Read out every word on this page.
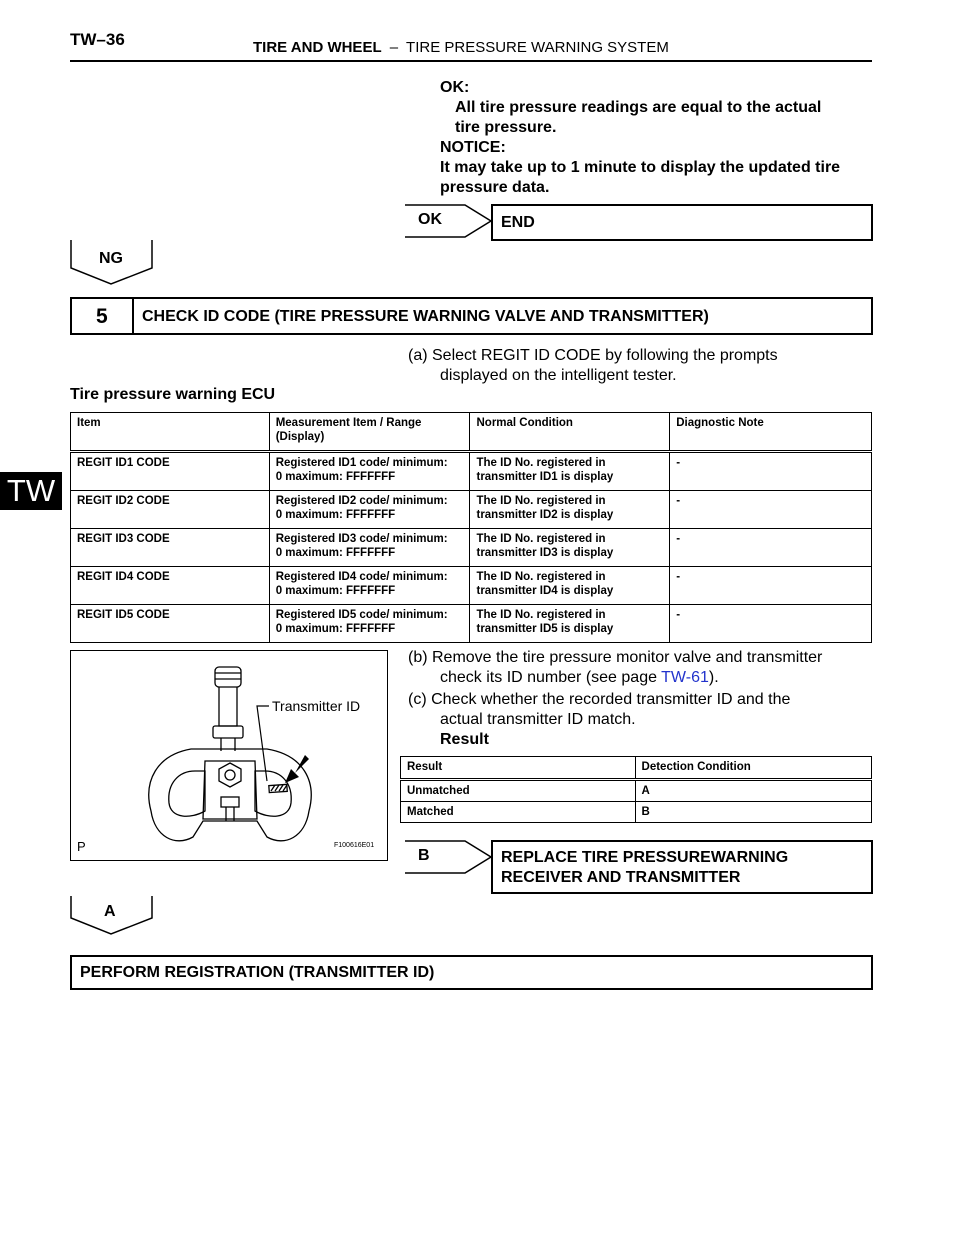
TW–36	TIRE AND WHEEL – TIRE PRESSURE WARNING SYSTEM
TW
OK:
All tire pressure readings are equal to the actual
tire pressure.
NOTICE:
It may take up to 1 minute to display the updated tire
pressure data.
OK	END
NG
5 CHECK ID CODE (TIRE PRESSURE WARNING VALVE AND TRANSMITTER)
(a) Select REGIT ID CODE by following the prompts
displayed on the intelligent tester.
Tire pressure warning ECU
Item	Measurement Item / Range
(Display)	Normal Condition	Diagnostic Note
REGIT ID1 CODE	Registered ID1 code/ minimum:
0 maximum: FFFFFFF	The ID No. registered in
transmitter ID1 is display	-
REGIT ID2 CODE	Registered ID2 code/ minimum:
0 maximum: FFFFFFF	The ID No. registered in
transmitter ID2 is display	-
REGIT ID3 CODE	Registered ID3 code/ minimum:
0 maximum: FFFFFFF	The ID No. registered in
transmitter ID3 is display	-
REGIT ID4 CODE	Registered ID4 code/ minimum:
0 maximum: FFFFFFF	The ID No. registered in
transmitter ID4 is display	-
REGIT ID5 CODE	Registered ID5 code/ minimum:
0 maximum: FFFFFFF	The ID No. registered in
transmitter ID5 is display	-
Transmitter ID
P	F100616E01
(b) Remove the tire pressure monitor valve and transmitter
check its ID number (see page TW-61).
(c) Check whether the recorded transmitter ID and the
actual transmitter ID match.
Result
Result	Detection Condition
Unmatched	A
Matched	B
B	REPLACE TIRE PRESSUREWARNING
RECEIVER AND TRANSMITTER
A
PERFORM REGISTRATION (TRANSMITTER ID)
